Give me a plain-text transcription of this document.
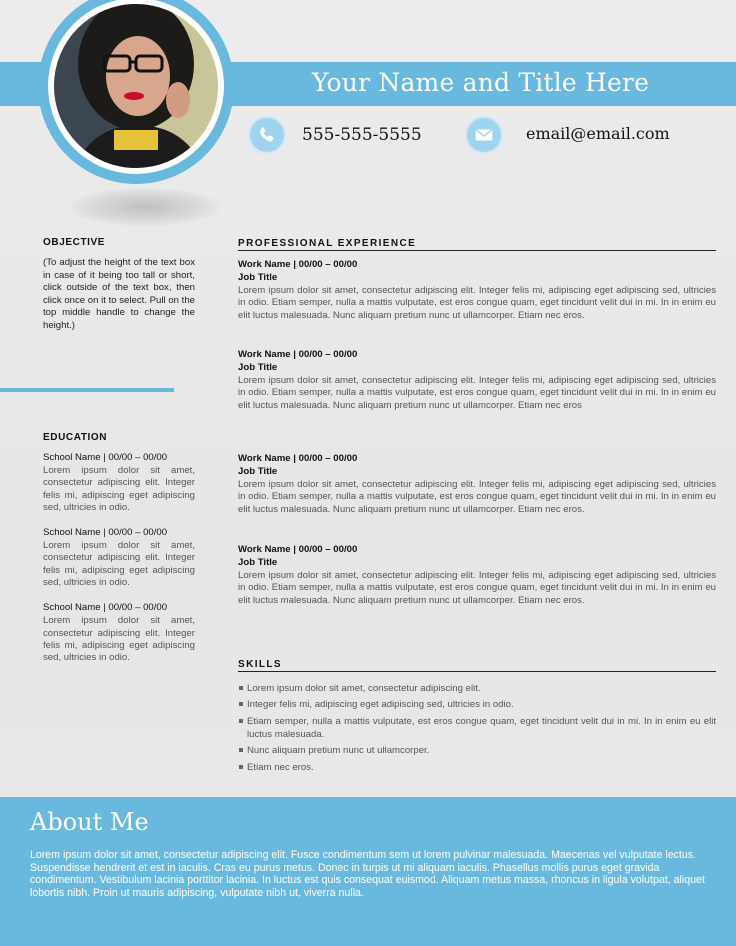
Your Name and Title Here
555-555-5555	email@email.com
OBJECTIVE

(To adjust the height of the text box in case of it being too tall or short, click outside of the text box, then click once on it to select. Pull on the top middle handle to change the height.)

EDUCATION
School Name | 00/00 – 00/00

Lorem ipsum dolor sit amet, consectetur adipiscing elit. Integer felis mi, adipiscing eget adipiscing sed, ultricies in odio.

School Name | 00/00 – 00/00

Lorem ipsum dolor sit amet, consectetur adipiscing elit. Integer felis mi, adipiscing eget adipiscing sed, ultricies in odio.

School Name | 00/00 – 00/00

Lorem ipsum dolor sit amet, consectetur adipiscing elit. Integer felis mi, adipiscing eget adipiscing sed, ultricies in odio.

PROFESSIONAL EXPERIENCE
Work Name | 00/00 – 00/00
Job Title

Lorem ipsum dolor sit amet, consectetur adipiscing elit. Integer felis mi, adipiscing eget adipiscing sed, ultricies in odio. Etiam semper, nulla a mattis vulputate, est eros congue quam, eget tincidunt velit dui in mi. In in enim eu elit luctus malesuada. Nunc aliquam pretium nunc ut ullamcorper. Etiam nec eros.

Work Name | 00/00 – 00/00
Job Title

Lorem ipsum dolor sit amet, consectetur adipiscing elit. Integer felis mi, adipiscing eget adipiscing sed, ultricies in odio. Etiam semper, nulla a mattis vulputate, est eros congue quam, eget tincidunt velit dui in mi. In in enim eu elit luctus malesuada. Nunc aliquam pretium nunc ut ullamcorper. Etiam nec eros

Work Name | 00/00 – 00/00
Job Title

Lorem ipsum dolor sit amet, consectetur adipiscing elit. Integer felis mi, adipiscing eget adipiscing sed, ultricies in odio. Etiam semper, nulla a mattis vulputate, est eros congue quam, eget tincidunt velit dui in mi. In in enim eu elit luctus malesuada. Nunc aliquam pretium nunc ut ullamcorper. Etiam nec eros.

Work Name | 00/00 – 00/00
Job Title

Lorem ipsum dolor sit amet, consectetur adipiscing elit. Integer felis mi, adipiscing eget adipiscing sed, ultricies in odio. Etiam semper, nulla a mattis vulputate, est eros congue quam, eget tincidunt velit dui in mi. In in enim eu elit luctus malesuada. Nunc aliquam pretium nunc ut ullamcorper. Etiam nec eros.

SKILLS
Lorem ipsum dolor sit amet, consectetur adipiscing elit.
Integer felis mi, adipiscing eget adipiscing sed, ultricies in odio.
Etiam semper, nulla a mattis vulputate, est eros congue quam, eget tincidunt velit dui in mi. In in enim eu elit luctus malesuada.
Nunc aliquam pretium nunc ut ullamcorper.
Etiam nec eros.
About Me

Lorem ipsum dolor sit amet, consectetur adipiscing elit. Fusce condimentum sem ut lorem pulvinar malesuada. Maecenas vel vulputate lectus. Suspendisse hendrerit et est in iaculis. Cras eu purus metus. Donec in turpis ut mi aliquam iaculis. Phasellus mollis purus eget gravida condimentum. Vestibulum lacinia porttitor lacinia. In luctus est quis consequat euismod. Aliquam metus massa, rhoncus in ligula volutpat, aliquet lobortis nibh. Proin ut mauris adipiscing, vulputate nibh ut, viverra nulla.
